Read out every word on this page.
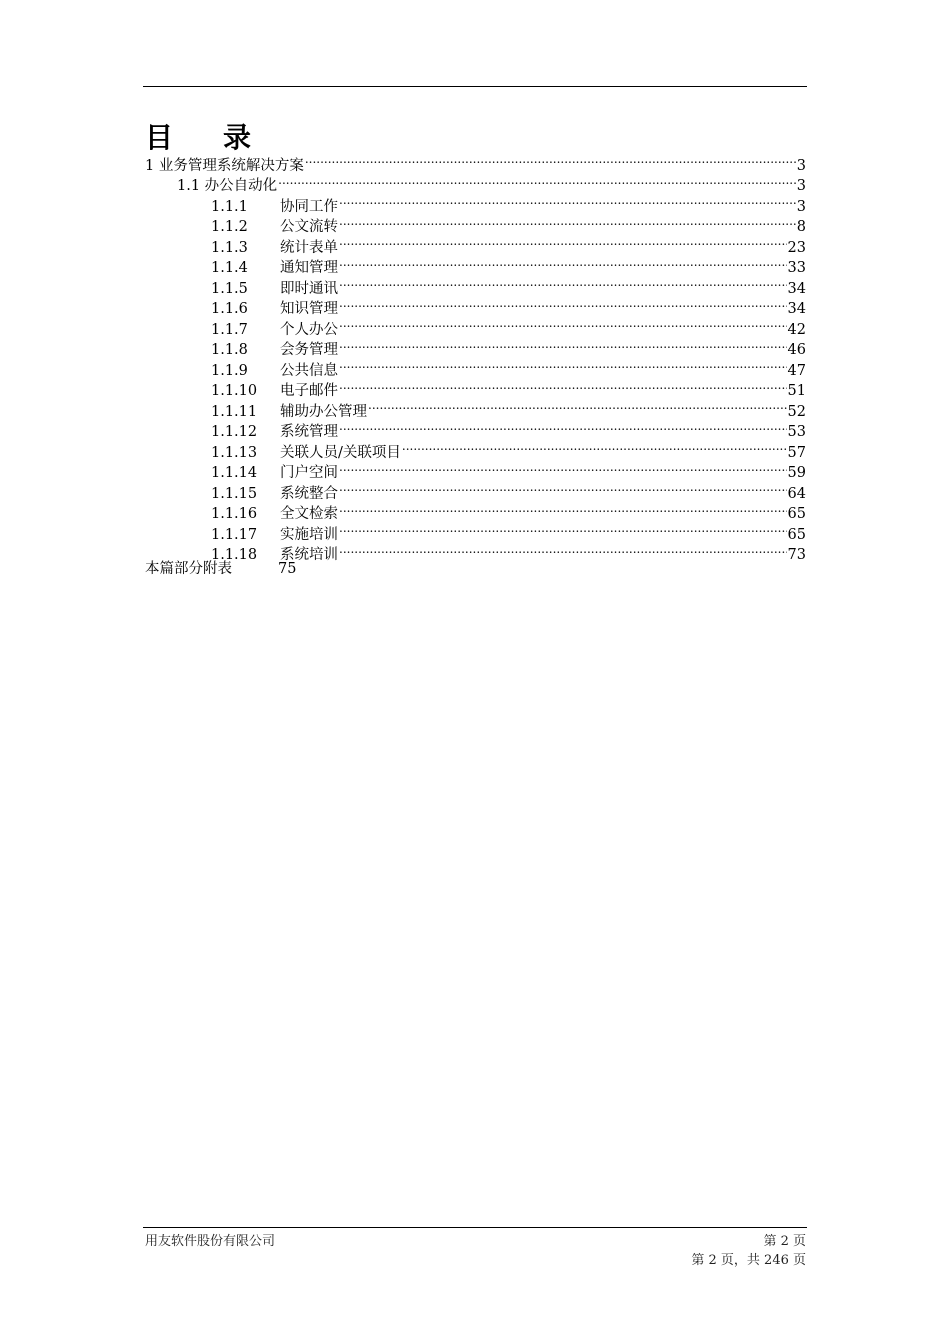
目 录
1 业务管理系统解决方案 .....	3
1.1 办公自动化 .....	3
1.1.1	协同工作 .....	3
1.1.2	公文流转 .....	8
1.1.3	统计表单 .....	23
1.1.4	通知管理 .....	33
1.1.5	即时通讯 .....	34
1.1.6	知识管理 .....	34
1.1.7	个人办公 .....	42
1.1.8	会务管理 .....	46
1.1.9	公共信息 .....	47
1.1.10	电子邮件 .....	51
1.1.11	辅助办公管理 .....	52
1.1.12	系统管理 .....	53
1.1.13	关联人员/关联项目 .....	57
1.1.14	门户空间 .....	59
1.1.15	系统整合 .....	64
1.1.16	全文检索 .....	65
1.1.17	实施培训 .....	65
1.1.18	系统培训 .....	73
本篇部分附表	75
用友软件股份有限公司	第 2 页
第 2 页，共 246 页
